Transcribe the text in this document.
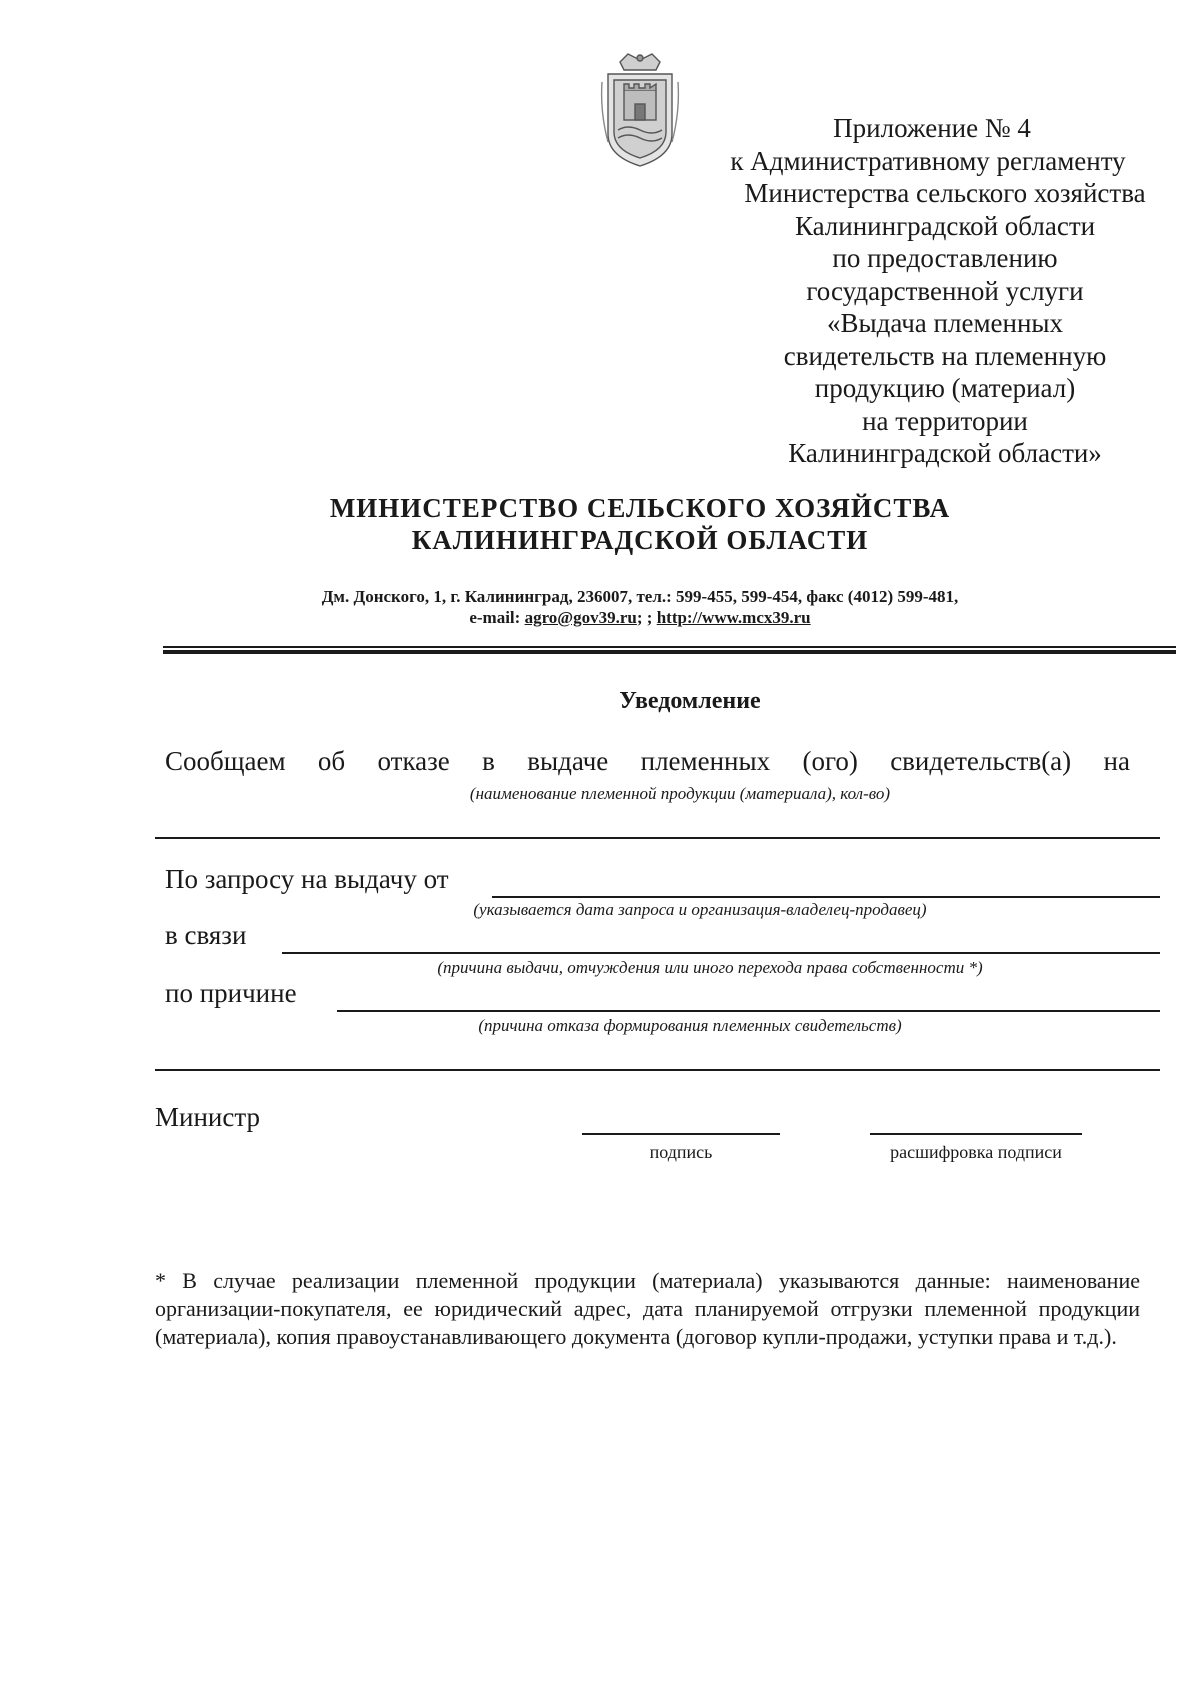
Приложение № 4
к Административному регламенту
Министерства сельского хозяйства
Калининградской области
по предоставлению
государственной услуги
«Выдача племенных
свидетельств на племенную
продукцию (материал)
на территории
Калининградской области»
МИНИСТЕРСТВО СЕЛЬСКОГО ХОЗЯЙСТВА
КАЛИНИНГРАДСКОЙ ОБЛАСТИ
Дм. Донского, 1, г. Калининград, 236007, тел.: 599-455, 599-454, факс (4012) 599-481,
e-mail: agro@gov39.ru; ; http://www.mcx39.ru
Уведомление
Сообщаем об отказе в выдаче племенных (ого) свидетельств(а) на
(наименование племенной продукции (материала), кол-во)
По запросу на выдачу от
(указывается дата запроса и организация-владелец-продавец)
в связи
(причина выдачи, отчуждения или иного перехода права собственности *)
по причине
(причина отказа формирования племенных свидетельств)
Министр
подпись	расшифровка подписи
* В случае реализации племенной продукции (материала) указываются данные: наименование организации-покупателя, ее юридический адрес, дата планируемой отгрузки племенной продукции (материала), копия правоустанавливающего документа (договор купли-продажи, уступки права и т.д.).
